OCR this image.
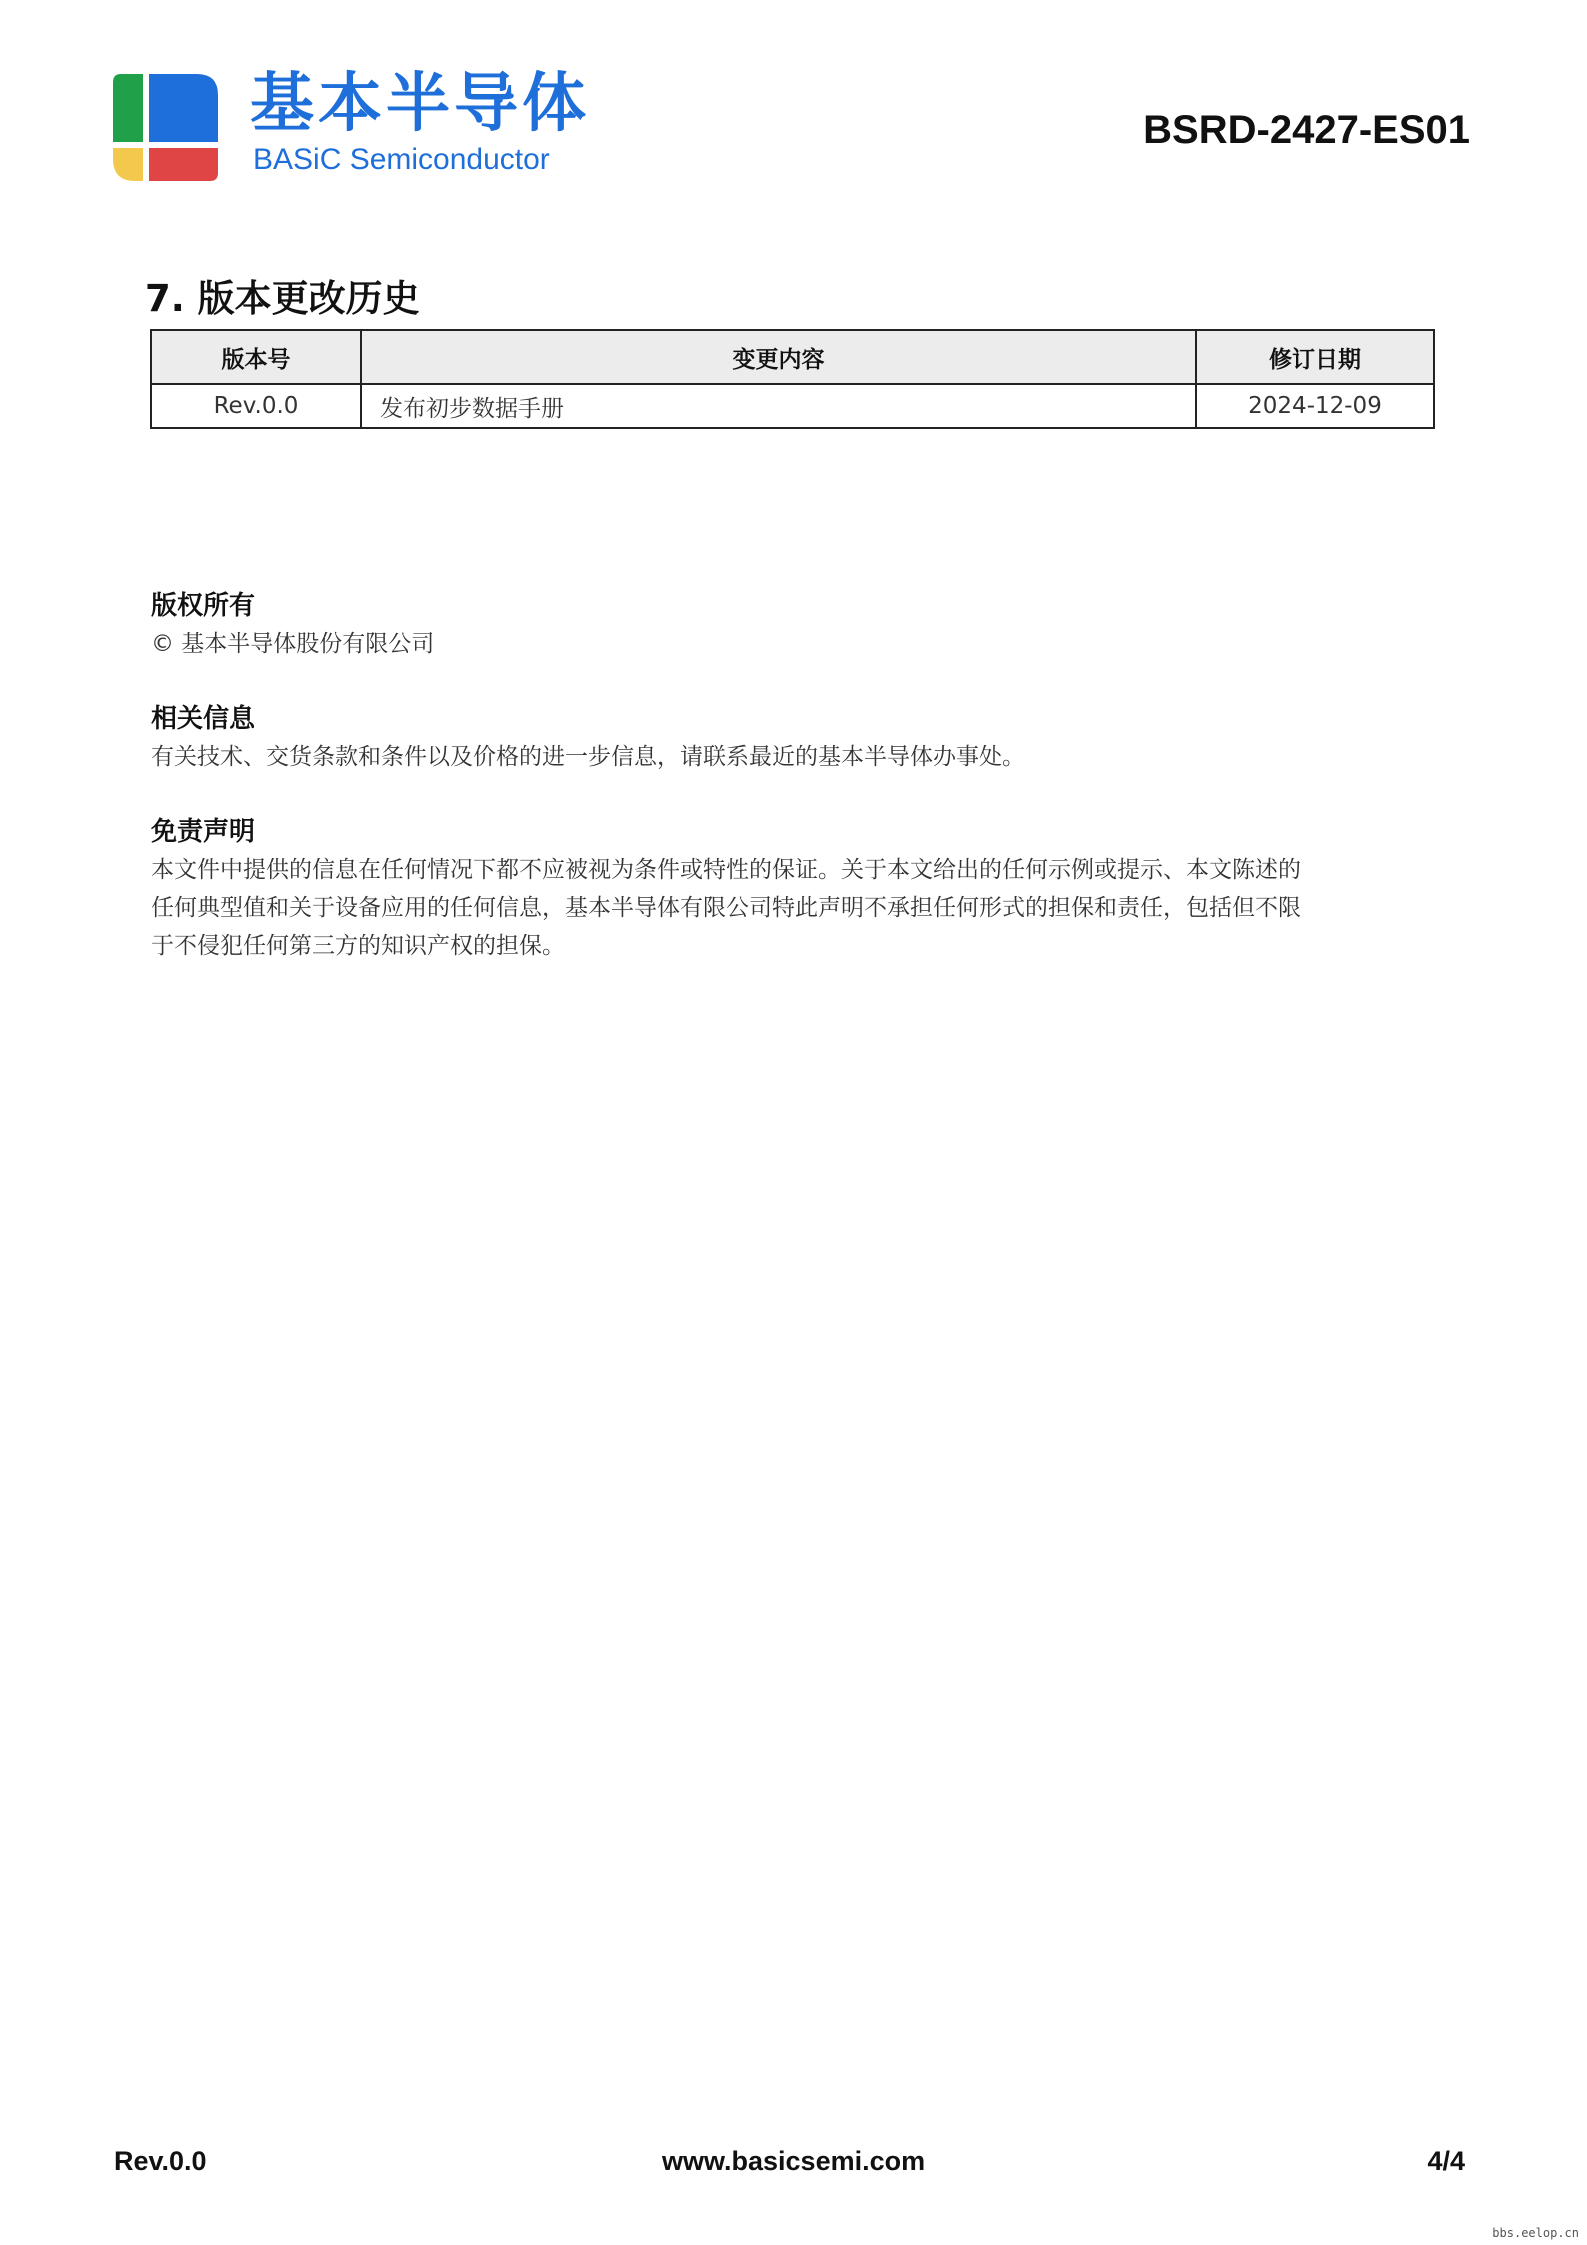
基本半导体
BASiC Semiconductor
BSRD-2427-ES01
7. 版本更改历史
版本号	变更内容	修订日期
Rev.0.0	发布初步数据手册	2024-12-09
版权所有

© 基本半导体股份有限公司

相关信息

有关技术、交货条款和条件以及价格的进一步信息，请联系最近的基本半导体办事处。

免责声明

本文件中提供的信息在任何情况下都不应被视为条件或特性的保证。关于本文给出的任何示例或提示、本文陈述的

任何典型值和关于设备应用的任何信息，基本半导体有限公司特此声明不承担任何形式的担保和责任，包括但不限

于不侵犯任何第三方的知识产权的担保。

Rev.0.0	www.basicsemi.com	4/4
bbs.eelop.cn
